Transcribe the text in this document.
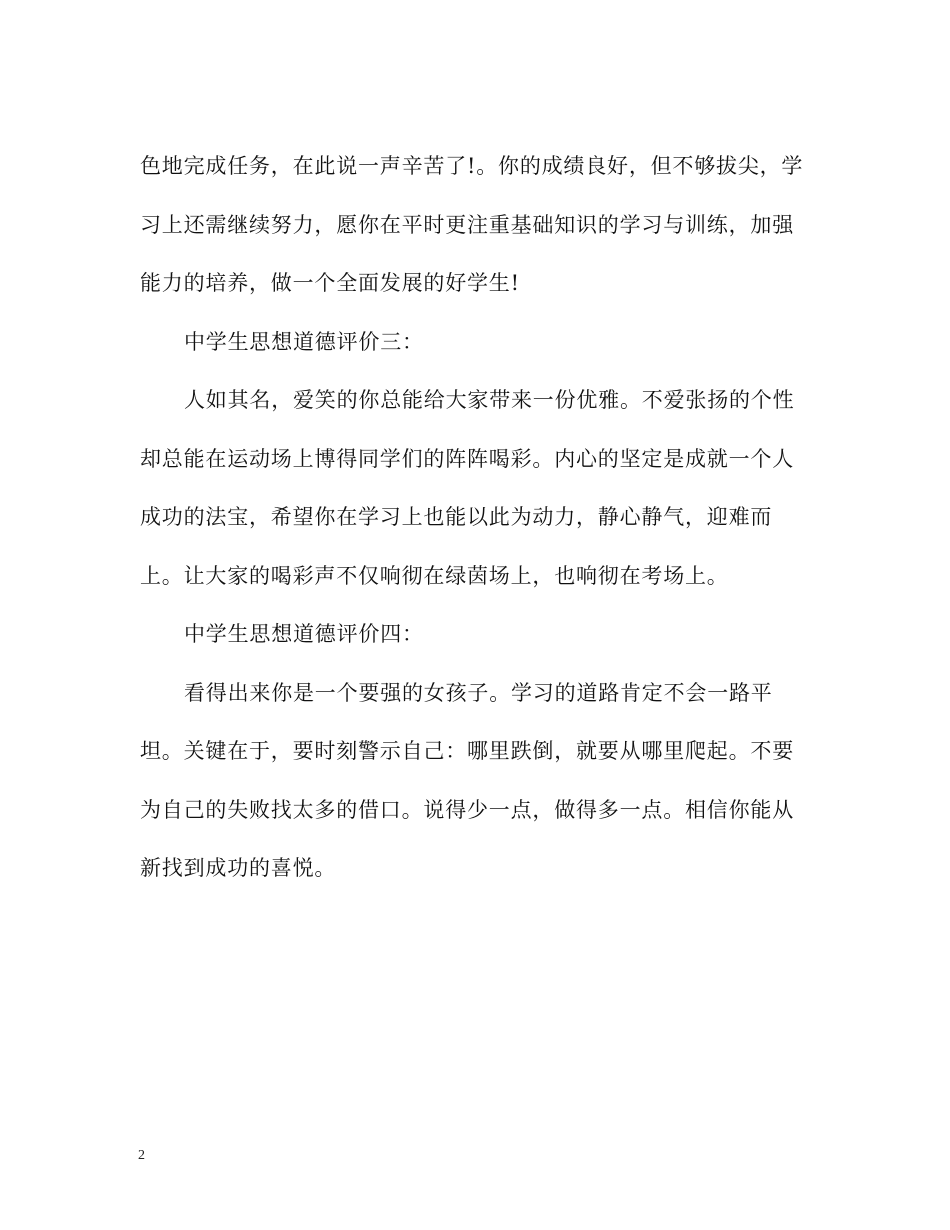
色地完成任务，在此说一声辛苦了!。你的成绩良好，但不够拔尖，学习上还需继续努力，愿你在平时更注重基础知识的学习与训练，加强能力的培养，做一个全面发展的好学生!

中学生思想道德评价三：

人如其名，爱笑的你总能给大家带来一份优雅。不爱张扬的个性却总能在运动场上博得同学们的阵阵喝彩。内心的坚定是成就一个人成功的法宝，希望你在学习上也能以此为动力，静心静气，迎难而上。让大家的喝彩声不仅响彻在绿茵场上，也响彻在考场上。

中学生思想道德评价四：

看得出来你是一个要强的女孩子。学习的道路肯定不会一路平坦。关键在于，要时刻警示自己：哪里跌倒，就要从哪里爬起。不要为自己的失败找太多的借口。说得少一点，做得多一点。相信你能从新找到成功的喜悦。

2
